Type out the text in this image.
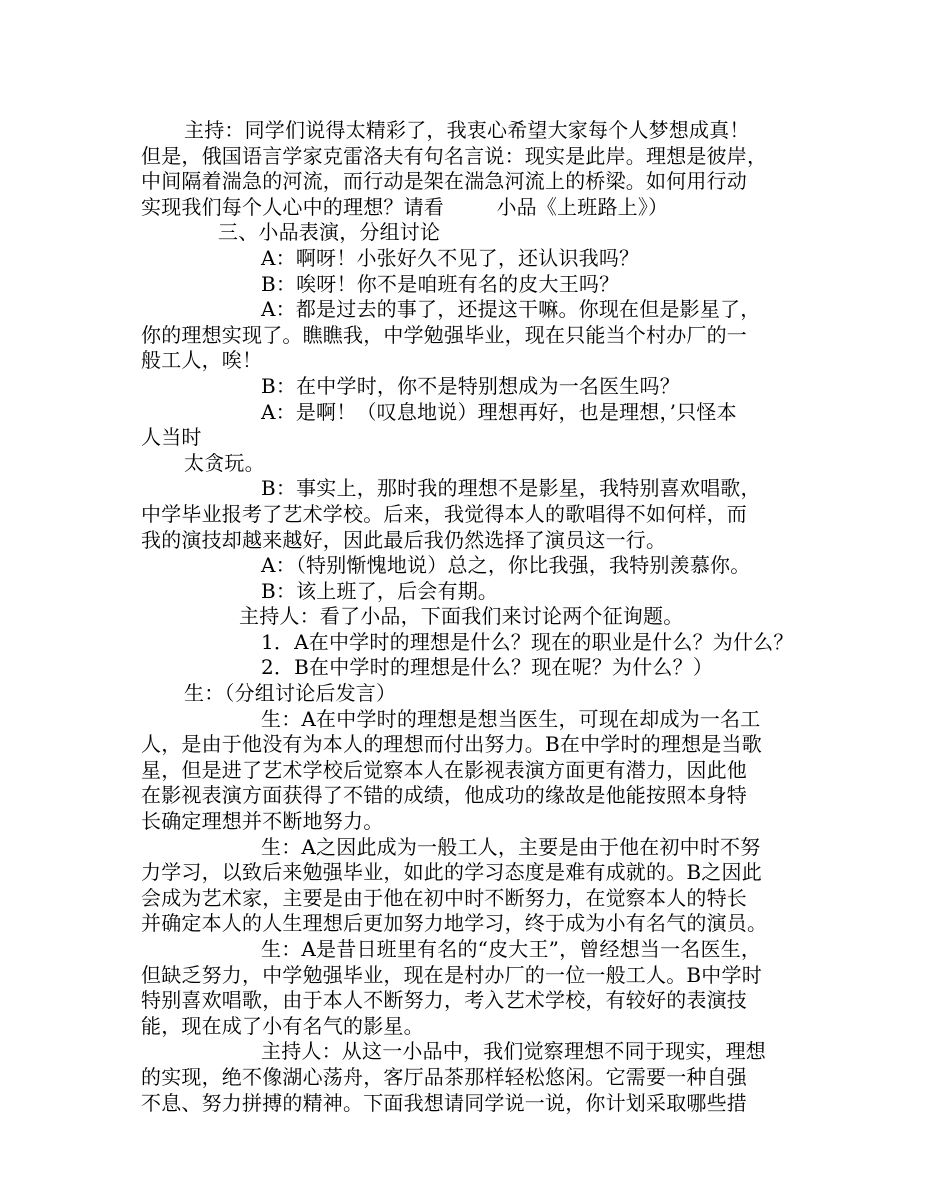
主持：同学们说得太精彩了，我衷心希望大家每个人梦想成真！
但是，俄国语言学家克雷洛夫有句名言说：现实是此岸。理想是彼岸，
中间隔着湍急的河流，而行动是架在湍急河流上的桥梁。如何用行动
实现我们每个人心中的理想？请看        小品《上班路上》）
三、小品表演，分组讨论
A：啊呀！小张好久不见了，还认识我吗？
B：唉呀！你不是咱班有名的皮大王吗？
A：都是过去的事了，还提这干嘛。你现在但是影星了，
你的理想实现了。瞧瞧我，中学勉强毕业，现在只能当个村办厂的一
般工人，唉！
B：在中学时，你不是特别想成为一名医生吗？
A：是啊！（叹息地说）理想再好，也是理想，’只怪本
人当时
太贪玩。
B：事实上，那时我的理想不是影星，我特别喜欢唱歌，
中学毕业报考了艺术学校。后来，我觉得本人的歌唱得不如何样，而
我的演技却越来越好，因此最后我仍然选择了演员这一行。
A：（特别惭愧地说）总之，你比我强，我特别羡慕你。
B：该上班了，后会有期。
主持人：看了小品，下面我们来讨论两个征询题。
1．A在中学时的理想是什么？现在的职业是什么？为什么？
2．B在中学时的理想是什么？现在呢？为什么？）
生：（分组讨论后发言）
生：A在中学时的理想是想当医生，可现在却成为一名工
人，是由于他没有为本人的理想而付出努力。B在中学时的理想是当歌
星，但是进了艺术学校后觉察本人在影视表演方面更有潜力，因此他
在影视表演方面获得了不错的成绩，他成功的缘故是他能按照本身特
长确定理想并不断地努力。
生：A之因此成为一般工人，主要是由于他在初中时不努
力学习，以致后来勉强毕业，如此的学习态度是难有成就的。B之因此
会成为艺术家，主要是由于他在初中时不断努力，在觉察本人的特长
并确定本人的人生理想后更加努力地学习，终于成为小有名气的演员。
生：A是昔日班里有名的“皮大王”，曾经想当一名医生，
但缺乏努力，中学勉强毕业，现在是村办厂的一位一般工人。B中学时
特别喜欢唱歌，由于本人不断努力，考入艺术学校，有较好的表演技
能，现在成了小有名气的影星。
主持人：从这一小品中，我们觉察理想不同于现实，理想
的实现，绝不像湖心荡舟，客厅品茶那样轻松悠闲。它需要一种自强
不息、努力拼搏的精神。下面我想请同学说一说，你计划采取哪些措
